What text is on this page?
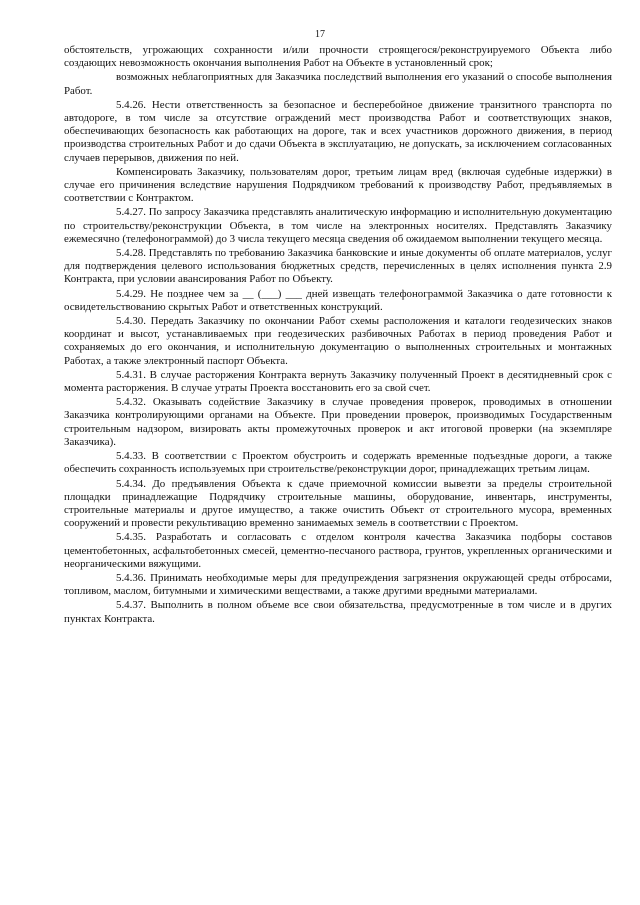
17

обстоятельств, угрожающих сохранности и/или прочности строящегося/реконструируемого Объекта либо создающих невозможность окончания выполнения Работ на Объекте в установленный срок;

возможных неблагоприятных для Заказчика последствий выполнения его указаний о способе выполнения Работ.

5.4.26. Нести ответственность за безопасное и бесперебойное движение транзитного транспорта по автодороге, в том числе за отсутствие ограждений мест производства Работ и соответствующих знаков, обеспечивающих безопасность как работающих на дороге, так и всех участников дорожного движения, в период производства строительных Работ и до сдачи Объекта в эксплуатацию, не допускать, за исключением согласованных случаев перерывов, движения по ней.

Компенсировать Заказчику, пользователям дорог, третьим лицам вред (включая судебные издержки) в случае его причинения вследствие нарушения Подрядчиком требований к производству Работ, предъявляемых в соответствии с Контрактом.

5.4.27. По запросу Заказчика представлять аналитическую информацию и исполнительную документацию по строительству/реконструкции Объекта, в том числе на электронных носителях. Представлять Заказчику ежемесячно (телефонограммой) до 3 числа текущего месяца сведения об ожидаемом выполнении текущего месяца.

5.4.28. Представлять по требованию Заказчика банковские и иные документы об оплате материалов, услуг для подтверждения целевого использования бюджетных средств, перечисленных в целях исполнения пункта 2.9 Контракта, при условии авансирования Работ по Объекту.

5.4.29. Не позднее чем за __ (___) ___ дней извещать телефонограммой Заказчика о дате готовности к освидетельствованию скрытых Работ и ответственных конструкций.

5.4.30. Передать Заказчику по окончании Работ схемы расположения и каталоги геодезических знаков координат и высот, устанавливаемых при геодезических разбивочных Работах в период проведения Работ и сохраняемых до его окончания, и исполнительную документацию о выполненных строительных и монтажных Работах, а также электронный паспорт Объекта.

5.4.31. В случае расторжения Контракта вернуть Заказчику полученный Проект в десятидневный срок с момента расторжения. В случае утраты Проекта восстановить его за свой счет.

5.4.32. Оказывать содействие Заказчику в случае проведения проверок, проводимых в отношении Заказчика контролирующими органами на Объекте. При проведении проверок, производимых Государственным строительным надзором, визировать акты промежуточных проверок и акт итоговой проверки (на экземпляре Заказчика).

5.4.33. В соответствии с Проектом обустроить и содержать временные подъездные дороги, а также обеспечить сохранность используемых при строительстве/реконструкции дорог, принадлежащих третьим лицам.

5.4.34. До предъявления Объекта к сдаче приемочной комиссии вывезти за пределы строительной площадки принадлежащие Подрядчику строительные машины, оборудование, инвентарь, инструменты, строительные материалы и другое имущество, а также очистить Объект от строительного мусора, временных сооружений и провести рекультивацию временно занимаемых земель в соответствии с Проектом.

5.4.35. Разработать и согласовать с отделом контроля качества Заказчика подборы составов цементобетонных, асфальтобетонных смесей, цементно-песчаного раствора, грунтов, укрепленных органическими и неорганическими вяжущими.

5.4.36. Принимать необходимые меры для предупреждения загрязнения окружающей среды отбросами, топливом, маслом, битумными и химическими веществами, а также другими вредными материалами.

5.4.37. Выполнить в полном объеме все свои обязательства, предусмотренные в том числе и в других пунктах Контракта.
